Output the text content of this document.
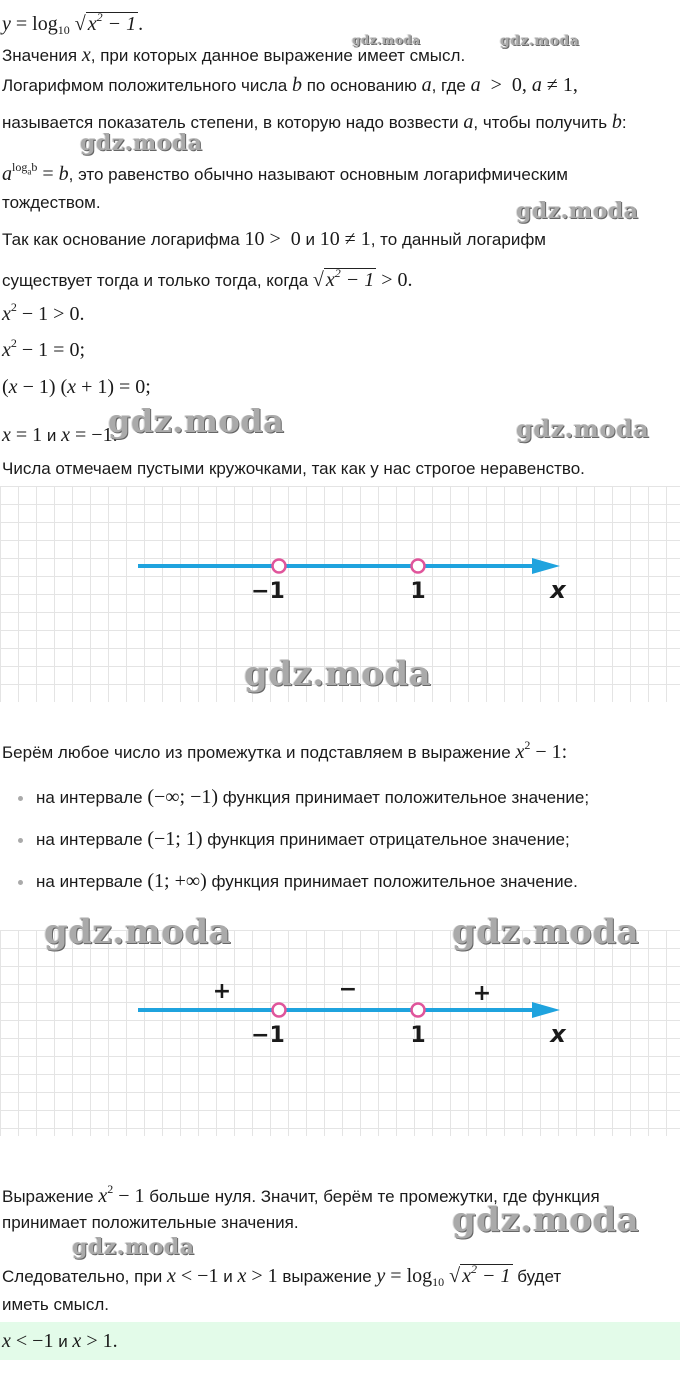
$y = \log_{10}$ √ $x^2 - 1$ .
Значения x, при которых данное выражение имеет смысл.
Логарифмом положительного числа b по основанию a, где a  >  0, a ≠ 1,
называется показатель степени, в которую надо возвести a, чтобы получить b:
$a^{log_ab} = b$, это равенство обычно называют основным логарифмическим
тождеством.
Так как основание логарифма 10 >  0 и 10 ≠ 1, то данный логарифм
существует тогда и только тогда, когда √ $x^2 - 1 > 0$.
$x^2 - 1 > 0$.
$x^2 - 1 = 0$;
(x − 1) (x + 1) = 0;
x = 1 и x = −1.
Числа отмечаем пустыми кружочками, так как у нас строгое неравенство.
−1	1	x
Берём любое число из промежутка и подставляем в выражение $x^2 - 1$:
на интервале (−∞; −1) функция принимает положительное значение;
на интервале (−1; 1) функция принимает отрицательное значение;
на интервале (1; +∞) функция принимает положительное значение.
+	−	+
−1	1	x
Выражение $x^2 - 1$ больше нуля. Значит, берём те промежутки, где функция
принимает положительные значения.
Следовательно, при x < −1 и x > 1 выражение $y = \log_{10}$ √ $x^2 - 1$ будет
иметь смысл.
x < −1 и x > 1.
gdz.moda	gdz.moda
gdz.moda
gdz.moda
gdz.moda	gdz.moda
gdz.moda
gdz.moda	gdz.moda
gdz.moda
gdz.moda
